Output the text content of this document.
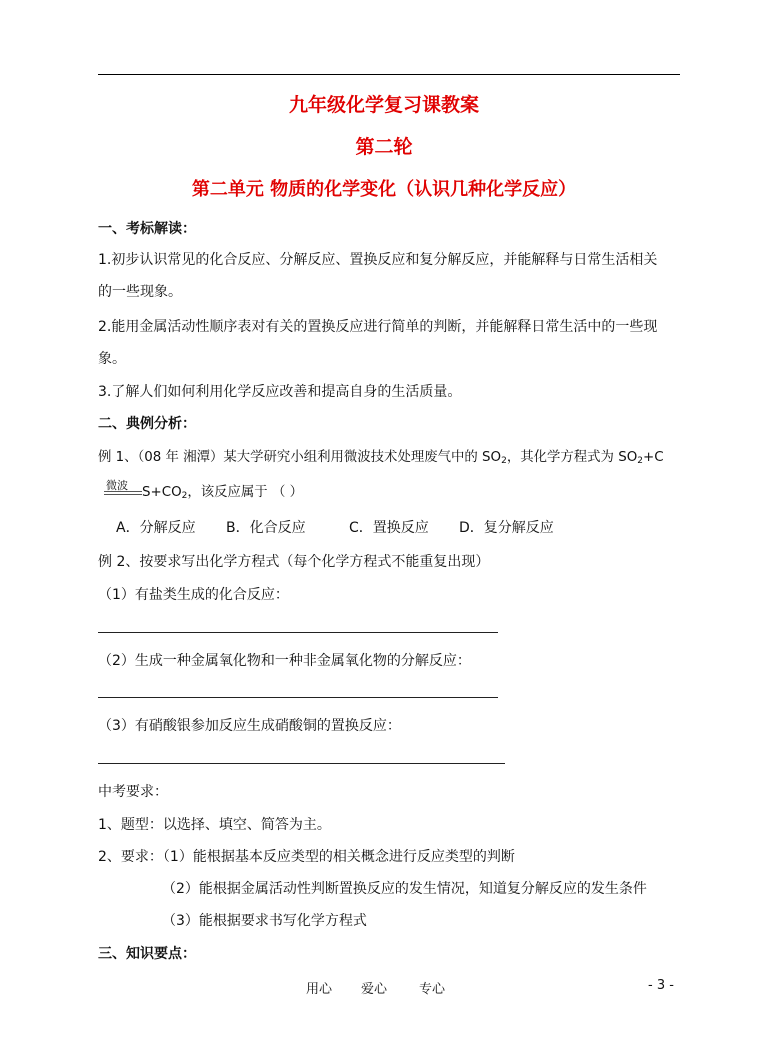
九年级化学复习课教案
第二轮
第二单元 物质的化学变化（认识几种化学反应）
一、考标解读：
1.初步认识常见的化合反应、分解反应、置换反应和复分解反应，并能解释与日常生活相关
的一些现象。
2.能用金属活动性顺序表对有关的置换反应进行简单的判断，并能解释日常生活中的一些现
象。
3.了解人们如何利用化学反应改善和提高自身的生活质量。
二、典例分析：
例 1、（08 年 湘潭）某大学研究小组利用微波技术处理废气中的 $SO_2$，其化学方程式为 $SO_2+C$
微波 $S+CO_2$，该反应属于 （ ）
A．分解反应 B．化合反应	C．置换反应 D．复分解反应
例 2、按要求写出化学方程式（每个化学方程式不能重复出现）
（1）有盐类生成的化合反应：
（2）生成一种金属氧化物和一种非金属氧化物的分解反应：
（3）有硝酸银参加反应生成硝酸铜的置换反应：
中考要求：
1、题型：以选择、填空、简答为主。
2、要求：（1）能根据基本反应类型的相关概念进行反应类型的判断
（2）能根据金属活动性判断置换反应的发生情况，知道复分解反应的发生条件
（3）能根据要求书写化学方程式
三、知识要点：
用心 爱心 专心	- 3 -
